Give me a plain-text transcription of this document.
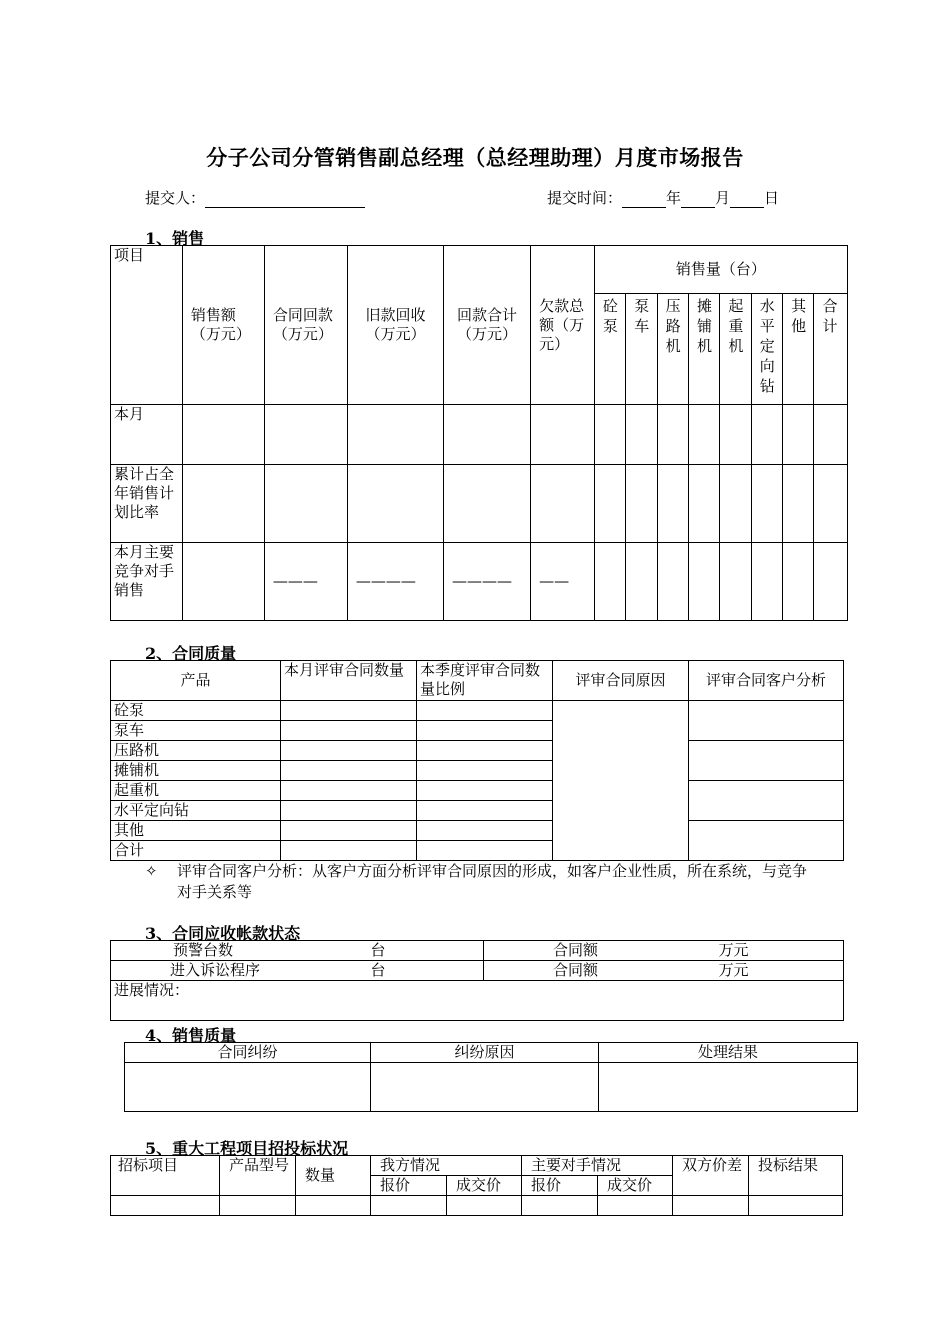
分子公司分管销售副总经理（总经理助理）月度市场报告
提交人：	提交时间：	年 月 日
1、销售
项目	销售额（万元）	合同回款（万元）	旧款回收（万元）	回款合计（万元）	欠款总额（万元）	销售量（台）							
						砼泵	泵车	压路机	摊铺机	起重机	水平定向钻	其他	合计
本月													
累计占全年销售计划比率													
本月主要竞争对手销售		———	————	————	——								
2、合同质量
产品	本月评审合同数量	本季度评审合同数量比例	评审合同原因	评审合同客户分析
砼泵				
泵车				
压路机				
摊铺机				
起重机				
水平定向钻				
其他				
合计				
✧ 评审合同客户分析：从客户方面分析评审合同原因的形成，如客户企业性质，所在系统，与竞争对手关系等
3、合同应收帐款状态
预警台数 台	合同额 万元

进入诉讼程序 台	合同额 万元

进展情况：	
4、销售质量
合同纠纷	纠纷原因	处理结果

5、重大工程项目招投标状况
招标项目	产品型号	数量	我方情况		主要对手情况		双方价差	投标结果
			报价	成交价	报价	成交价		
